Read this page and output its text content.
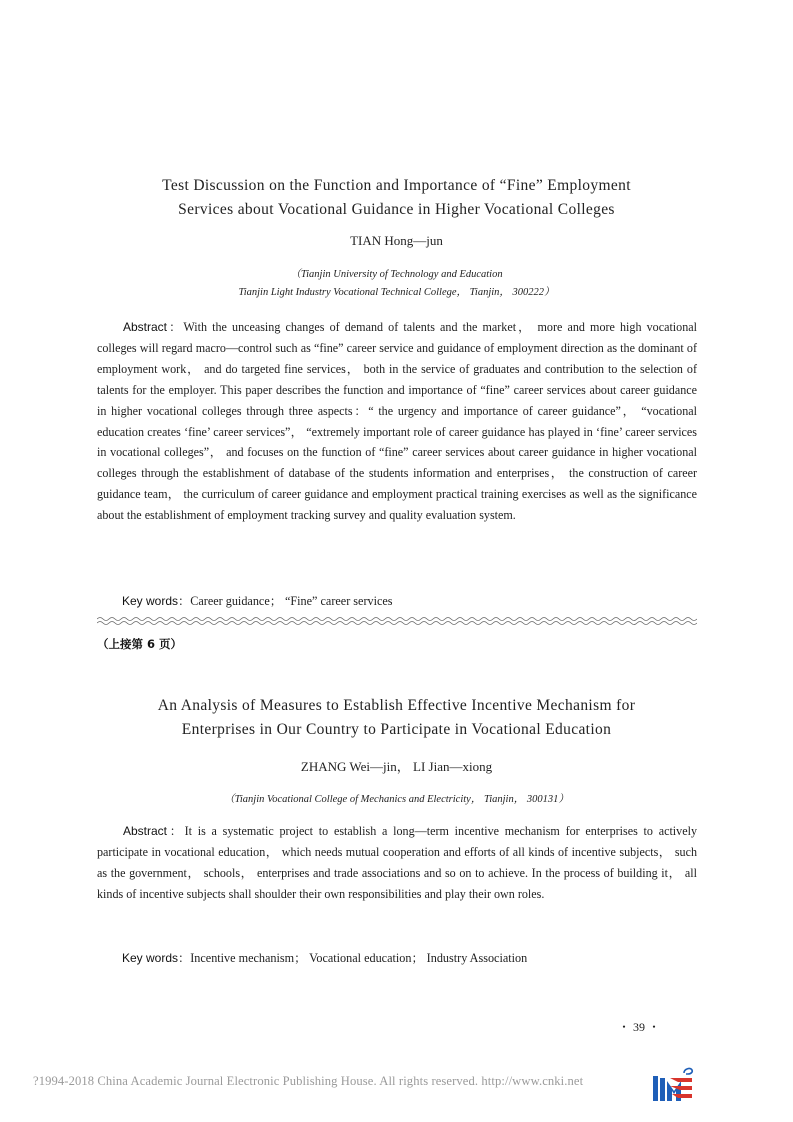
Test Discussion on the Function and Importance of “Fine” Employment
Services about Vocational Guidance in Higher Vocational Colleges
TIAN Hong—jun
（Tianjin University of Technology and Education
Tianjin Light Industry Vocational Technical College， Tianjin， 300222）
Abstract：With the unceasing changes of demand of talents and the market， more and more high vocational colleges will regard macro—control such as “fine” career service and guidance of employment direction as the dominant of employment work， and do targeted fine services， both in the service of graduates and contribution to the selection of talents for the employer. This paper describes the function and importance of “fine” career services about career guidance in higher vocational colleges through three aspects：“ the urgency and importance of career guidance”， “vocational education creates ‘fine’ career services”， “extremely important role of career guidance has played in ‘fine’ career services in vocational colleges”， and focuses on the function of “fine” career services about career guidance in higher vocational colleges through the establishment of database of the students information and enterprises， the construction of career guidance team， the curriculum of career guidance and employment practical training exercises as well as the significance about the establishment of employment tracking survey and quality evaluation system.
Key words：Career guidance； “Fine” career services
（上接第 6 页）
An Analysis of Measures to Establish Effective Incentive Mechanism for
Enterprises in Our Country to Participate in Vocational Education
ZHANG Wei—jin， LI Jian—xiong
（Tianjin Vocational College of Mechanics and Electricity， Tianjin， 300131）
Abstract：It is a systematic project to establish a long—term incentive mechanism for enterprises to actively participate in vocational education， which needs mutual cooperation and efforts of all kinds of incentive subjects， such as the government， schools， enterprises and trade associations and so on to achieve. In the process of building it， all kinds of incentive subjects shall shoulder their own responsibilities and play their own roles.
Key words：Incentive mechanism； Vocational education； Industry Association
・ 39 ・
?1994-2018 China Academic Journal Electronic Publishing House. All rights reserved. http://www.cnki.net
